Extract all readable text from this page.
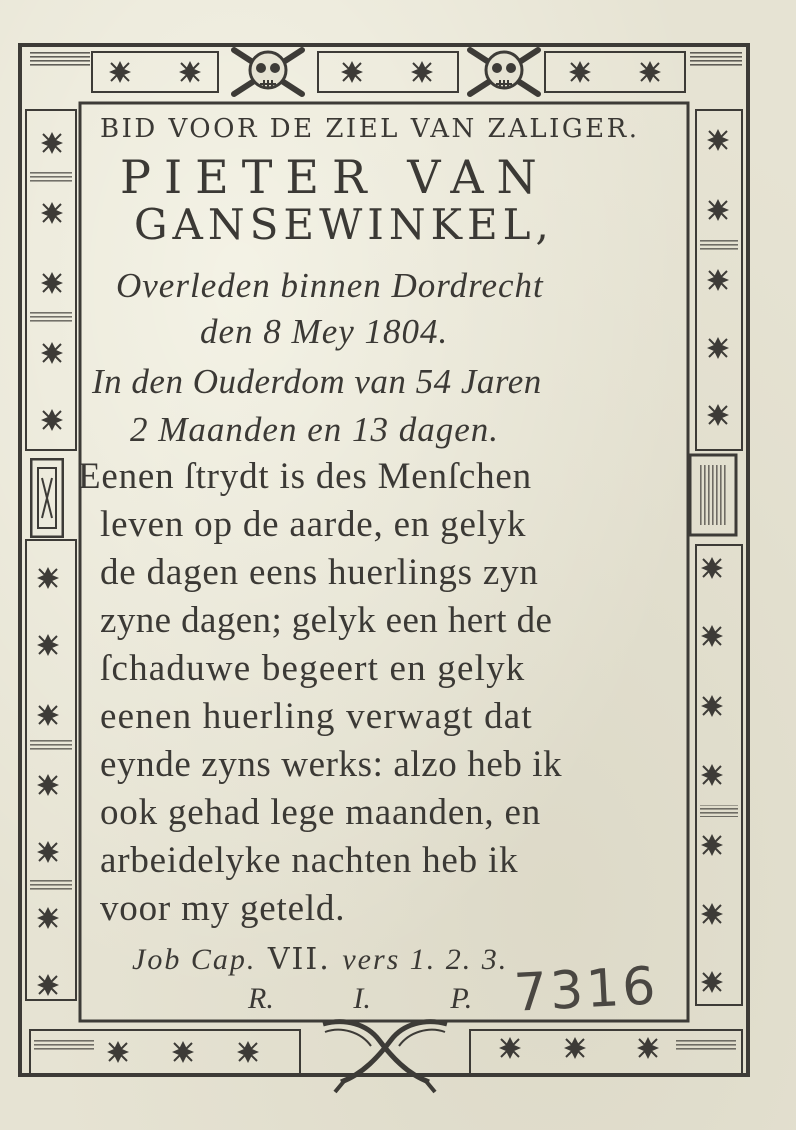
BID VOOR DE ZIEL VAN ZALIGER.
PIETER VAN
GANSEWINKEL,
Overleden binnen Dordrecht
den 8 Mey 1804.
In den Ouderdom van 54 Jaren
2 Maanden en 13 dagen.
Eenen ſtrydt is des Menſchen
leven op de aarde, en gelyk
de dagen eens huerlings zyn
zyne dagen; gelyk een hert de
ſchaduwe begeert en gelyk
eenen huerling verwagt dat
eynde zyns werks: alzo heb ik
ook gehad lege maanden, en
arbeidelyke nachten heb ik
voor my geteld.
Job Cap. VII. vers 1. 2. 3.
R.	I.	P. 7316
